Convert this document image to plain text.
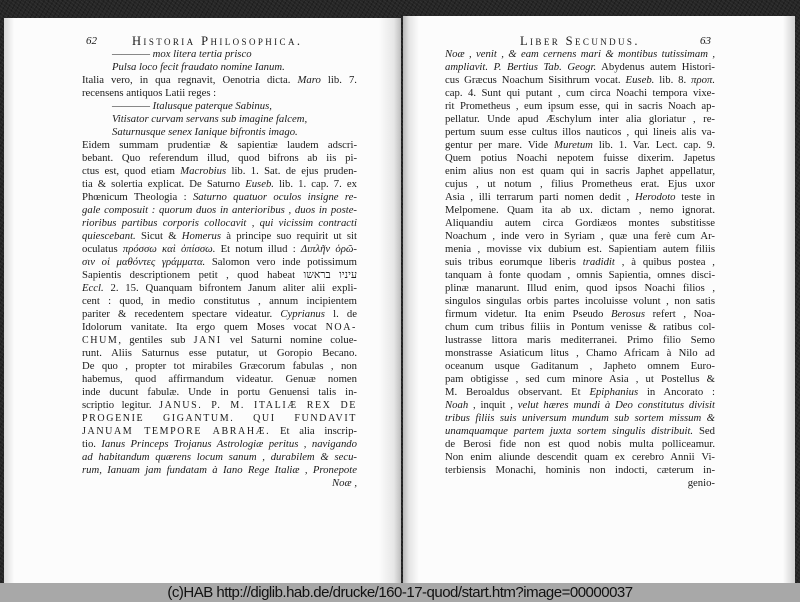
62	Historia Philosophica.
———— mox litera tertia prisco
Pulsa loco fecit fraudato nomine Ianum.
Italia vero, in qua regnavit, Oenotria dicta. Maro lib. 7.
recensens antiquos Latii reges :
———— Italusque paterque Sabinus,
Vitisator curvam servans sub imagine falcem,
Saturnusque senex Ianique bifrontis imago.
Eidem summam prudentiæ & sapientiæ laudem adscri-
bebant. Quo referendum illud, quod bifrons ab iis pi-
ctus est, quod etiam Macrobius lib. 1. Sat. de ejus pruden-
tia & solertia explicat. De Saturno Euseb. lib. 1. cap. 7. ex
Phœnicum Theologia : Saturno quatuor oculos insigne re-
gale composuit : quorum duos in anterioribus , duos in poste-
rioribus partibus corporis collocavit , qui vicissim contracti
quiescebant. Sicut & Homerus à principe suo requirit ut sit
oculatus πρόσσω καὶ ὀπίσσω. Et notum illud : Διπλῆν ὁρῶ-
σιν οἱ μαθόντες γράμματα. Salomon vero inde potissimum
Sapientis descriptionem petit , quod habeat עיניו בראשו
Eccl. 2. 15. Quanquam bifrontem Janum aliter alii expli-
cent : quod, in medio constitutus , annum incipientem
pariter & recedentem spectare videatur. Cyprianus l. de
Idolorum vanitate. Ita ergo quem Moses vocat NOA-
CHUM, gentiles sub JANI vel Saturni nomine colue-
runt. Aliis Saturnus esse putatur, ut Goropio Becano.
De quo , propter tot mirabiles Græcorum fabulas , non
habemus, quod affirmandum videatur. Genuæ nomen
inde ducunt fabulæ. Unde in portu Genuensi talis in-
scriptio legitur. JANUS. P. M. ITALIÆ REX DE
PROGENIE GIGANTUM. QUI FUNDAVIT
JANUAM TEMPORE ABRAHÆ. Et alia inscrip-
tio. Ianus Princeps Trojanus Astrologiæ peritus , navigando
ad habitandum quærens locum sanum , durabilem & secu-
rum, Ianuam jam fundatam à Iano Rege Italiæ , Pronepote
Noæ ,
Liber Secundus.	63
Noæ , venit , & eam cernens mari & montibus tutissimam ,
ampliavit. P. Bertius Tab. Geogr. Abydenus autem Histori-
cus Græcus Noachum Sisithrum vocat. Euseb. lib. 8. προπ.
cap. 4. Sunt qui putant , cum circa Noachi tempora vixe-
rit Prometheus , eum ipsum esse, qui in sacris Noach ap-
pellatur. Unde apud Æschylum inter alia gloriatur , re-
pertum suum esse cultus illos nauticos , qui lineis alis va-
gentur per mare. Vide Muretum lib. 1. Var. Lect. cap. 9.
Quem potius Noachi nepotem fuisse dixerim. Japetus
enim alius non est quam qui in sacris Japhet appellatur,
cujus , ut notum , filius Prometheus erat. Ejus uxor
Asia , illi terrarum parti nomen dedit , Herodoto teste in
Melpomene. Quam ita ab ux. dictam , nemo ignorat.
Aliquandiu autem circa Gordiæos montes substitisse
Noachum , inde vero in Syriam , quæ una ferè cum Ar-
menia , movisse vix dubium est. Sapientiam autem filiis
suis tribus eorumque liberis tradidit , à quibus postea ,
tanquam à fonte quodam , omnis Sapientia, omnes disci-
plinæ manarunt. Illud enim, quod ipsos Noachi filios ,
singulos singulas orbis partes incoluisse volunt , non satis
firmum videtur. Ita enim Pseudo Berosus refert , Noa-
chum cum tribus filiis in Pontum venisse & ratibus col-
lustrasse littora maris mediterranei. Primo filio Semo
monstrasse Asiaticum litus , Chamo Africam à Nilo ad
oceanum usque Gaditanum , Japheto omnem Euro-
pam obtigisse , sed cum minore Asia , ut Postellus &
M. Beroaldus observant. Et Epiphanius in Ancorato :
Noah , inquit , velut hæres mundi à Deo constitutus divisit
tribus filiis suis universum mundum sub sortem missum &
unamquamque partem juxta sortem singulis distribuit. Sed
de Berosi fide non est quod nobis multa polliceamur.
Non enim aliunde descendit quam ex cerebro Annii Vi-
terbiensis Monachi, hominis non indocti, cæterum in-
genio-
(c)HAB http://diglib.hab.de/drucke/160-17-quod/start.htm?image=00000037
